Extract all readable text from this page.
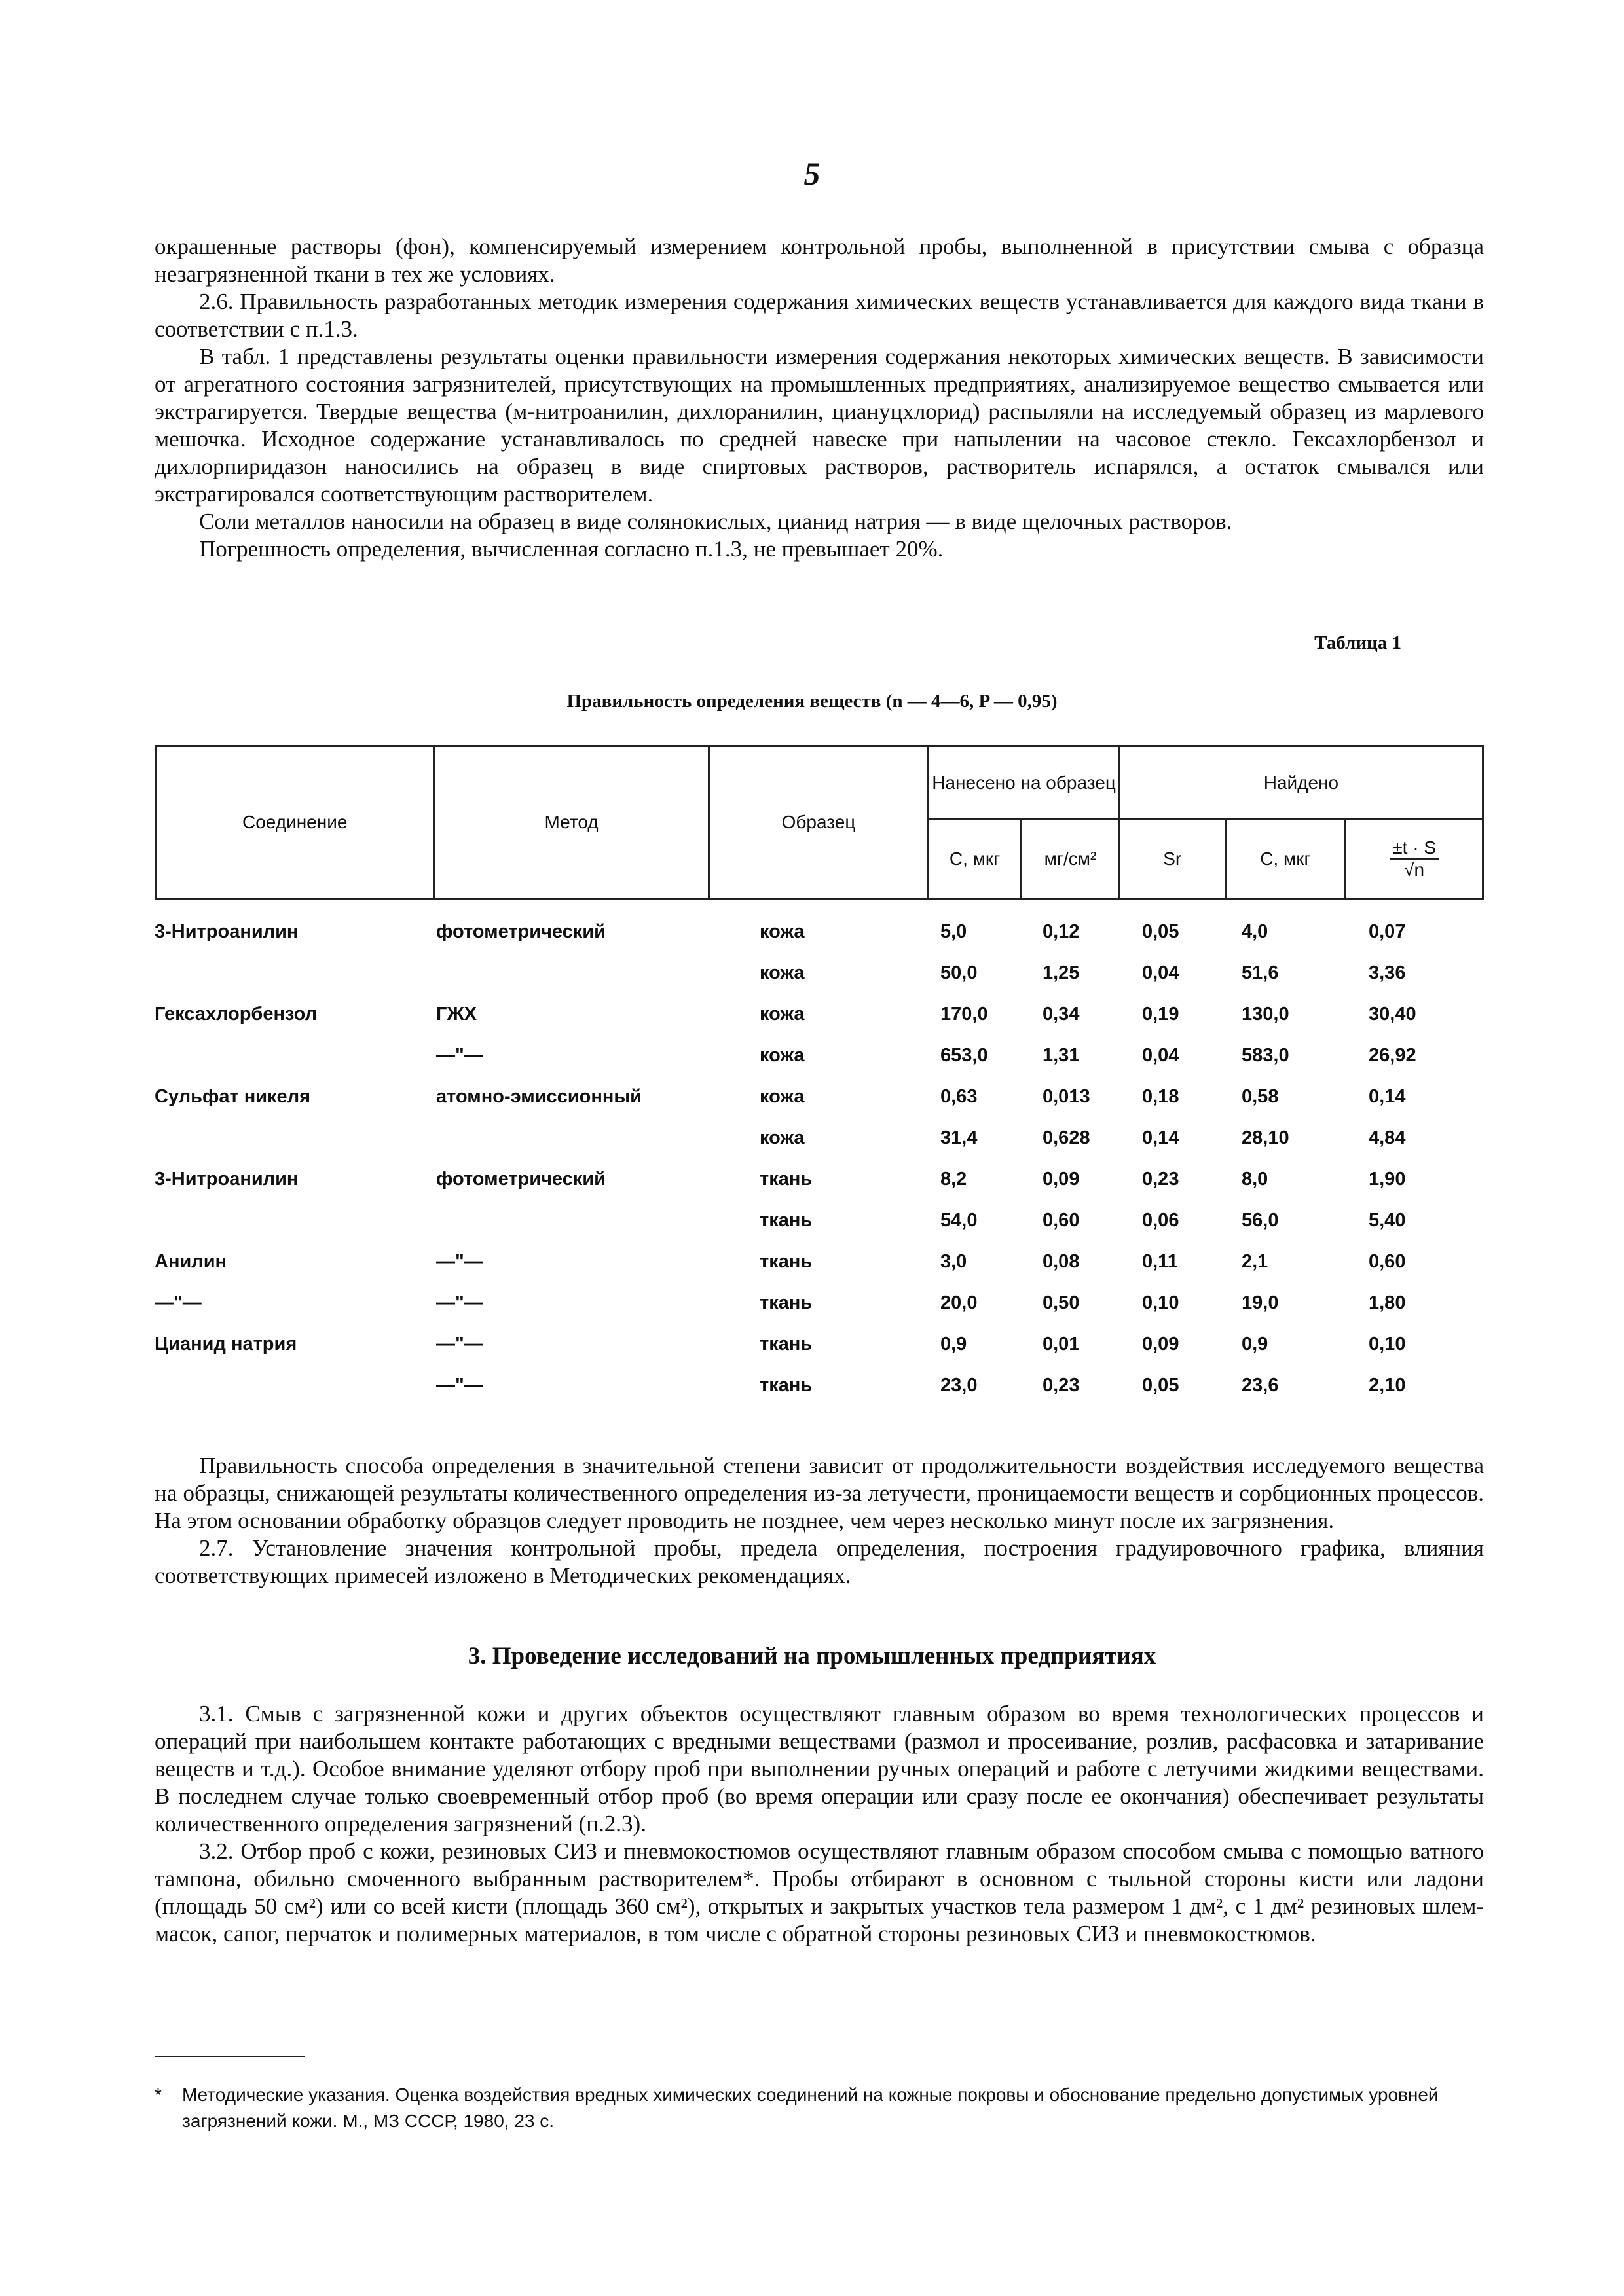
5

окрашенные растворы (фон), компенсируемый измерением контрольной пробы, выполненной в присутствии смыва с образца незагрязненной ткани в тех же условиях.

2.6. Правильность разработанных методик измерения содержания химических веществ устанавливается для каждого вида ткани в соответствии с п.1.3.

В табл. 1 представлены результаты оценки правильности измерения содержания некоторых химических веществ. В зависимости от агрегатного состояния загрязнителей, присутствующих на промышленных предприятиях, анализируемое вещество смывается или экстрагируется. Твердые вещества (м-нитроанилин, дихлоранилин, циануцхлорид) распыляли на исследуемый образец из марлевого мешочка. Исходное содержание устанавливалось по средней навеске при напылении на часовое стекло. Гексахлорбензол и дихлорпиридазон наносились на образец в виде спиртовых растворов, растворитель испарялся, а остаток смывался или экстрагировался соответствующим растворителем.

Соли металлов наносили на образец в виде солянокислых, цианид натрия — в виде щелочных растворов.

Погрешность определения, вычисленная согласно п.1.3, не превышает 20%.

Таблица 1
Правильность определения веществ (n — 4—6, P — 0,95)
Соединение	Метод	Образец	Нанесено на образец		Найдено		
			С, мкг	мг/см²	Sr	С, мкг	±t · S
√n
3-Нитроанилин	фотометрический	кожа	5,0	0,12	0,05	4,0	0,07
		кожа	50,0	1,25	0,04	51,6	3,36
Гексахлорбензол	ГЖХ	кожа	170,0	0,34	0,19	130,0	30,40
	—"—	кожа	653,0	1,31	0,04	583,0	26,92
Сульфат никеля	атомно-эмиссионный	кожа	0,63	0,013	0,18	0,58	0,14
		кожа	31,4	0,628	0,14	28,10	4,84
3-Нитроанилин	фотометрический	ткань	8,2	0,09	0,23	8,0	1,90
		ткань	54,0	0,60	0,06	56,0	5,40
Анилин	—"—	ткань	3,0	0,08	0,11	2,1	0,60
—"—	—"—	ткань	20,0	0,50	0,10	19,0	1,80
Цианид натрия	—"—	ткань	0,9	0,01	0,09	0,9	0,10
	—"—	ткань	23,0	0,23	0,05	23,6	2,10

Правильность способа определения в значительной степени зависит от продолжительности воздействия исследуемого вещества на образцы, снижающей результаты количественного определения из-за летучести, проницаемости веществ и сорбционных процессов. На этом основании обработку образцов следует проводить не позднее, чем через несколько минут после их загрязнения.

2.7. Установление значения контрольной пробы, предела определения, построения градуировочного графика, влияния соответствующих примесей изложено в Методических рекомендациях.

3. Проведение исследований на промышленных предприятиях

3.1. Смыв с загрязненной кожи и других объектов осуществляют главным образом во время технологических процессов и операций при наибольшем контакте работающих с вредными веществами (размол и просеивание, розлив, расфасовка и затаривание веществ и т.д.). Особое внимание уделяют отбору проб при выполнении ручных операций и работе с летучими жидкими веществами. В последнем случае только своевременный отбор проб (во время операции или сразу после ее окончания) обеспечивает результаты количественного определения загрязнений (п.2.3).

3.2. Отбор проб с кожи, резиновых СИЗ и пневмокостюмов осуществляют главным образом способом смыва с помощью ватного тампона, обильно смоченного выбранным растворителем*. Пробы отбирают в основном с тыльной стороны кисти или ладони (площадь 50 см²) или со всей кисти (площадь 360 см²), открытых и закрытых участков тела размером 1 дм², с 1 дм² резиновых шлем-масок, сапог, перчаток и полимерных материалов, в том числе с обратной стороны резиновых СИЗ и пневмокостюмов.

* Методические указания. Оценка воздействия вредных химических соединений на кожные покровы и обоснование предельно допустимых уровней загрязнений кожи. М., МЗ СССР, 1980, 23 с.
